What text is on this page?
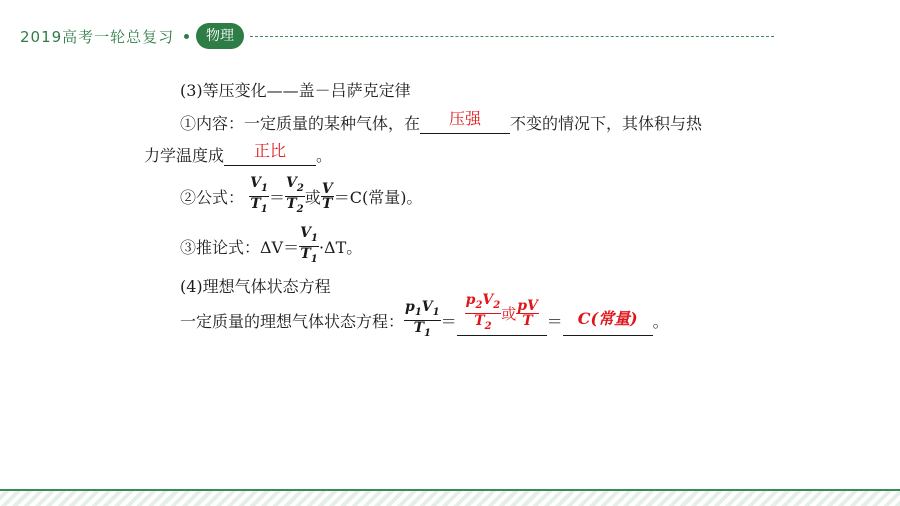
2019高考一轮总复习	物理
(3)等压变化——盖－吕萨克定律
①内容：一定质量的某种气体，在	压强	不变的情况下，其体积与热
力学温度成	正比	。
②公式： $\frac{V_1}{T_1} = \frac{V_2}{T_2}$ 或 $\frac{V}{T} =C$(常量)。
③推论式：$\Delta V= \frac{V_1}{T_1} \cdot\Delta T$。
(4)理想气体状态方程
一定质量的理想气体状态方程： $\frac{p_1V_1}{T_1} = \frac{p_2V_2}{T_2}$ 或 $\frac{pV}{T} = C$(常量) 。
